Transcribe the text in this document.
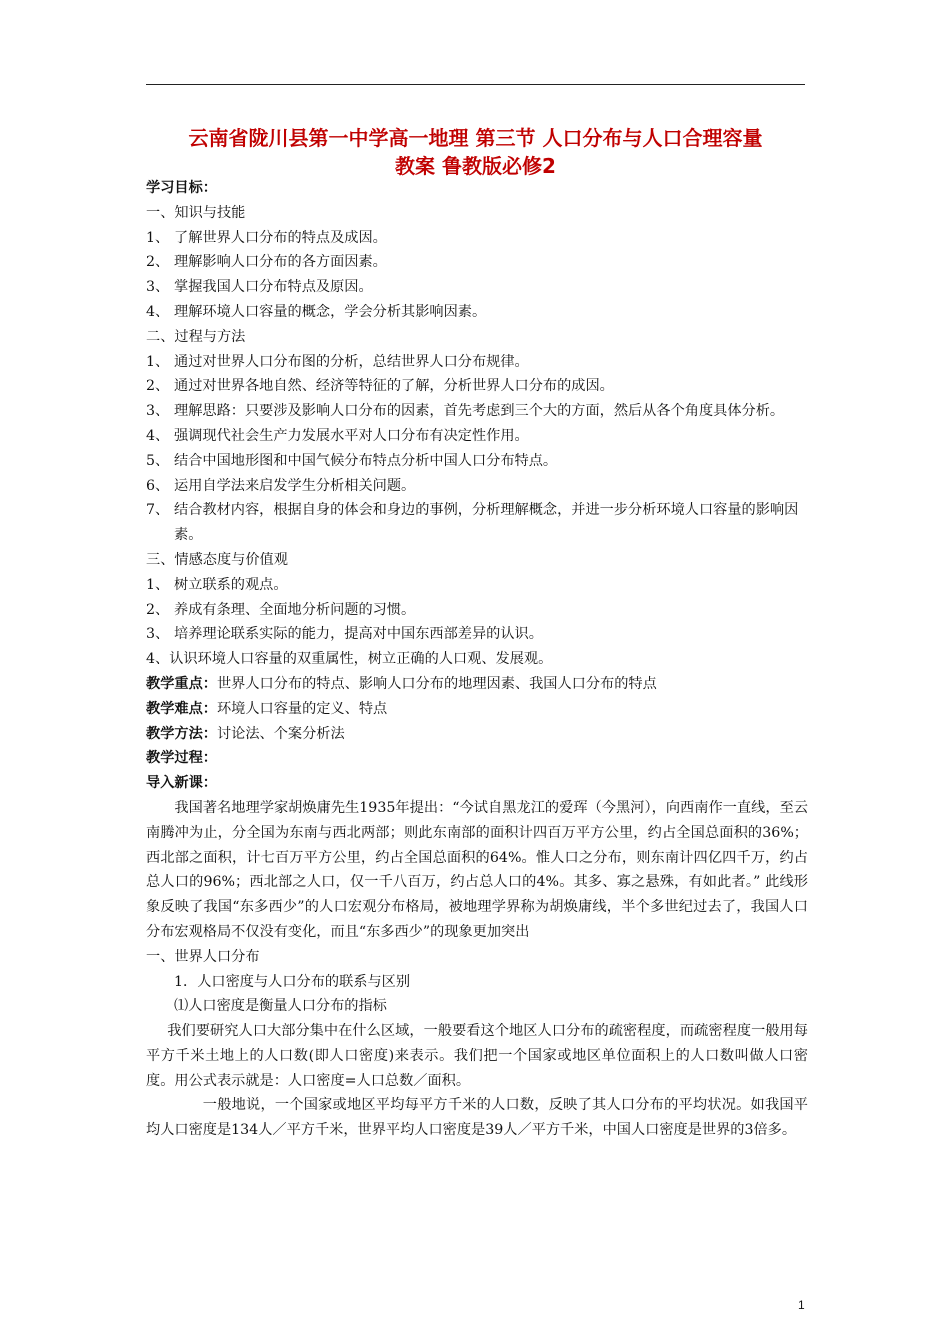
云南省陇川县第一中学高一地理 第三节 人口分布与人口合理容量
教案 鲁教版必修2
学习目标：
一、知识与技能
1、 了解世界人口分布的特点及成因。
2、 理解影响人口分布的各方面因素。
3、 掌握我国人口分布特点及原因。
4、 理解环境人口容量的概念，学会分析其影响因素。
二、过程与方法
1、 通过对世界人口分布图的分析，总结世界人口分布规律。
2、 通过对世界各地自然、经济等特征的了解，分析世界人口分布的成因。
3、 理解思路：只要涉及影响人口分布的因素，首先考虑到三个大的方面，然后从各个角度具体分析。
4、 强调现代社会生产力发展水平对人口分布有决定性作用。
5、 结合中国地形图和中国气候分布特点分析中国人口分布特点。
6、 运用自学法来启发学生分析相关问题。
7、 结合教材内容，根据自身的体会和身边的事例，分析理解概念，并进一步分析环境人口容量的影响因素。
三、情感态度与价值观
1、 树立联系的观点。
2、 养成有条理、全面地分析问题的习惯。
3、 培养理论联系实际的能力，提高对中国东西部差异的认识。
4、认识环境人口容量的双重属性，树立正确的人口观、发展观。
教学重点：世界人口分布的特点、影响人口分布的地理因素、我国人口分布的特点
教学难点：环境人口容量的定义、特点
教学方法：讨论法、个案分析法
教学过程：
导入新课：
我国著名地理学家胡焕庸先生1935年提出：“今试自黑龙江的爱珲（今黑河），向西南作一直线，至云南腾冲为止，分全国为东南与西北两部；则此东南部的面积计四百万平方公里，约占全国总面积的36%；西北部之面积，计七百万平方公里，约占全国总面积的64%。惟人口之分布，则东南计四亿四千万，约占总人口的96%；西北部之人口，仅一千八百万，约占总人口的4%。其多、寡之悬殊，有如此者。” 此线形象反映了我国“东多西少”的人口宏观分布格局，被地理学界称为胡焕庸线，半个多世纪过去了，我国人口分布宏观格局不仅没有变化，而且“东多西少”的现象更加突出
一、世界人口分布
1．人口密度与人口分布的联系与区别
⑴人口密度是衡量人口分布的指标
我们要研究人口大部分集中在什么区域，一般要看这个地区人口分布的疏密程度，而疏密程度一般用每平方千米土地上的人口数(即人口密度)来表示。我们把一个国家或地区单位面积上的人口数叫做人口密度。用公式表示就是：人口密度=人口总数／面积。
一般地说，一个国家或地区平均每平方千米的人口数，反映了其人口分布的平均状况。如我国平均人口密度是134人／平方千米，世界平均人口密度是39人／平方千米，中国人口密度是世界的3倍多。
1
